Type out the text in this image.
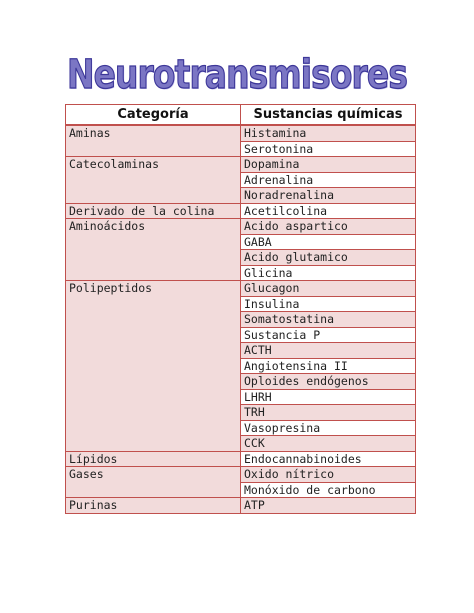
Neurotransmisores
Categoría	Sustancias químicas
Aminas	Histamina
	Serotonina
Catecolaminas	Dopamina
	Adrenalina
	Noradrenalina
Derivado de la colina	Acetilcolina
Aminoácidos	Acido aspartico
	GABA
	Acido glutamico
	Glicina
Polipeptidos	Glucagon
	Insulina
	Somatostatina
	Sustancia P
	ACTH
	Angiotensina II
	Oploides endógenos
	LHRH
	TRH
	Vasopresina
	CCK
Lípidos	Endocannabinoides
Gases	Oxido nítrico
	Monóxido de carbono
Purinas	ATP
